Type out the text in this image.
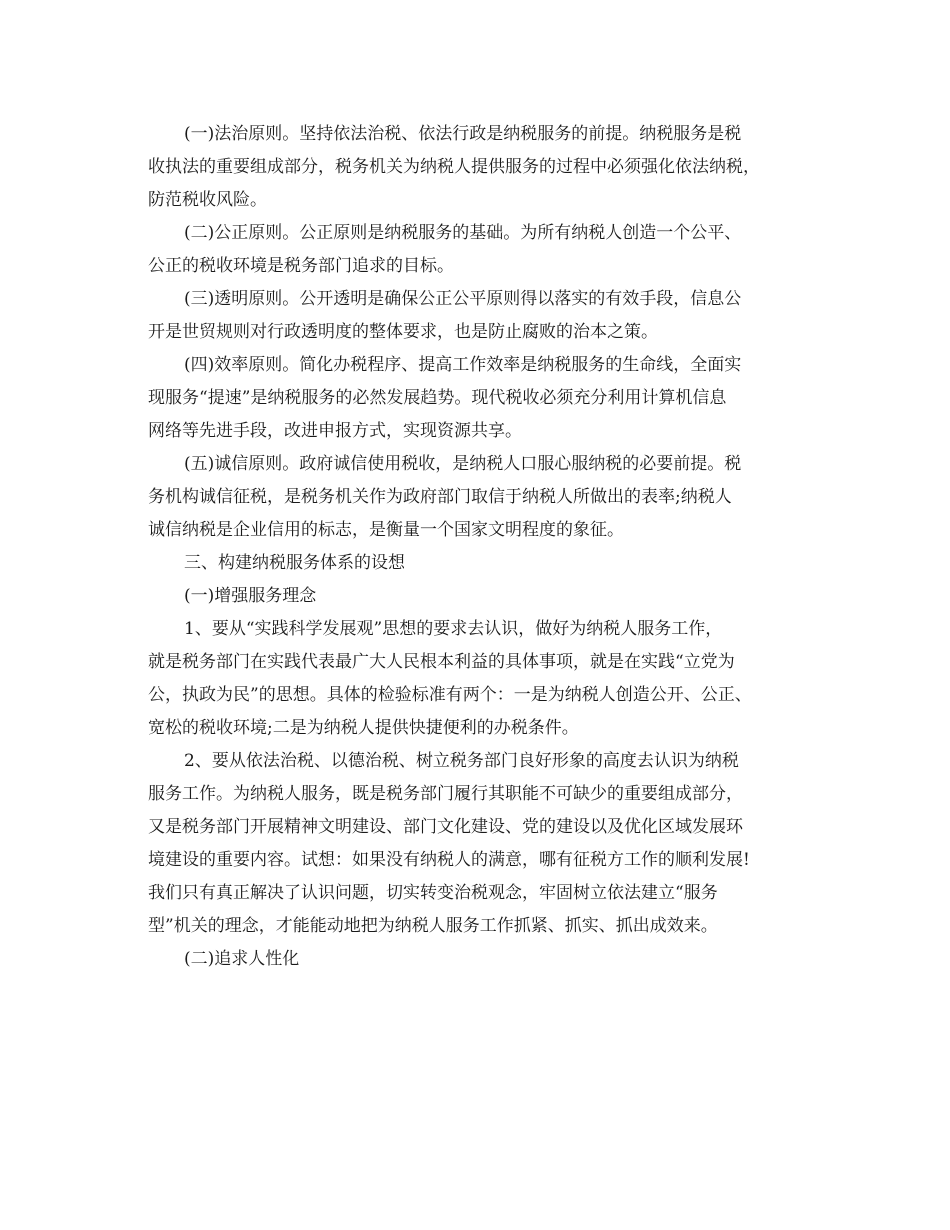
(一)法治原则。坚持依法治税、依法行政是纳税服务的前提。纳税服务是税
收执法的重要组成部分，税务机关为纳税人提供服务的过程中必须强化依法纳税，
防范税收风险。
(二)公正原则。公正原则是纳税服务的基础。为所有纳税人创造一个公平、
公正的税收环境是税务部门追求的目标。
(三)透明原则。公开透明是确保公正公平原则得以落实的有效手段，信息公
开是世贸规则对行政透明度的整体要求，也是防止腐败的治本之策。
(四)效率原则。简化办税程序、提高工作效率是纳税服务的生命线，全面实
现服务“提速”是纳税服务的必然发展趋势。现代税收必须充分利用计算机信息
网络等先进手段，改进申报方式，实现资源共享。
(五)诚信原则。政府诚信使用税收，是纳税人口服心服纳税的必要前提。税
务机构诚信征税，是税务机关作为政府部门取信于纳税人所做出的表率;纳税人
诚信纳税是企业信用的标志，是衡量一个国家文明程度的象征。
三、构建纳税服务体系的设想
(一)增强服务理念
1、要从“实践科学发展观”思想的要求去认识，做好为纳税人服务工作，
就是税务部门在实践代表最广大人民根本利益的具体事项，就是在实践“立党为
公，执政为民”的思想。具体的检验标准有两个：一是为纳税人创造公开、公正、
宽松的税收环境;二是为纳税人提供快捷便利的办税条件。
2、要从依法治税、以德治税、树立税务部门良好形象的高度去认识为纳税
服务工作。为纳税人服务，既是税务部门履行其职能不可缺少的重要组成部分，
又是税务部门开展精神文明建设、部门文化建设、党的建设以及优化区域发展环
境建设的重要内容。试想：如果没有纳税人的满意，哪有征税方工作的顺利发展!
我们只有真正解决了认识问题，切实转变治税观念，牢固树立依法建立“服务
型”机关的理念，才能能动地把为纳税人服务工作抓紧、抓实、抓出成效来。
(二)追求人性化
